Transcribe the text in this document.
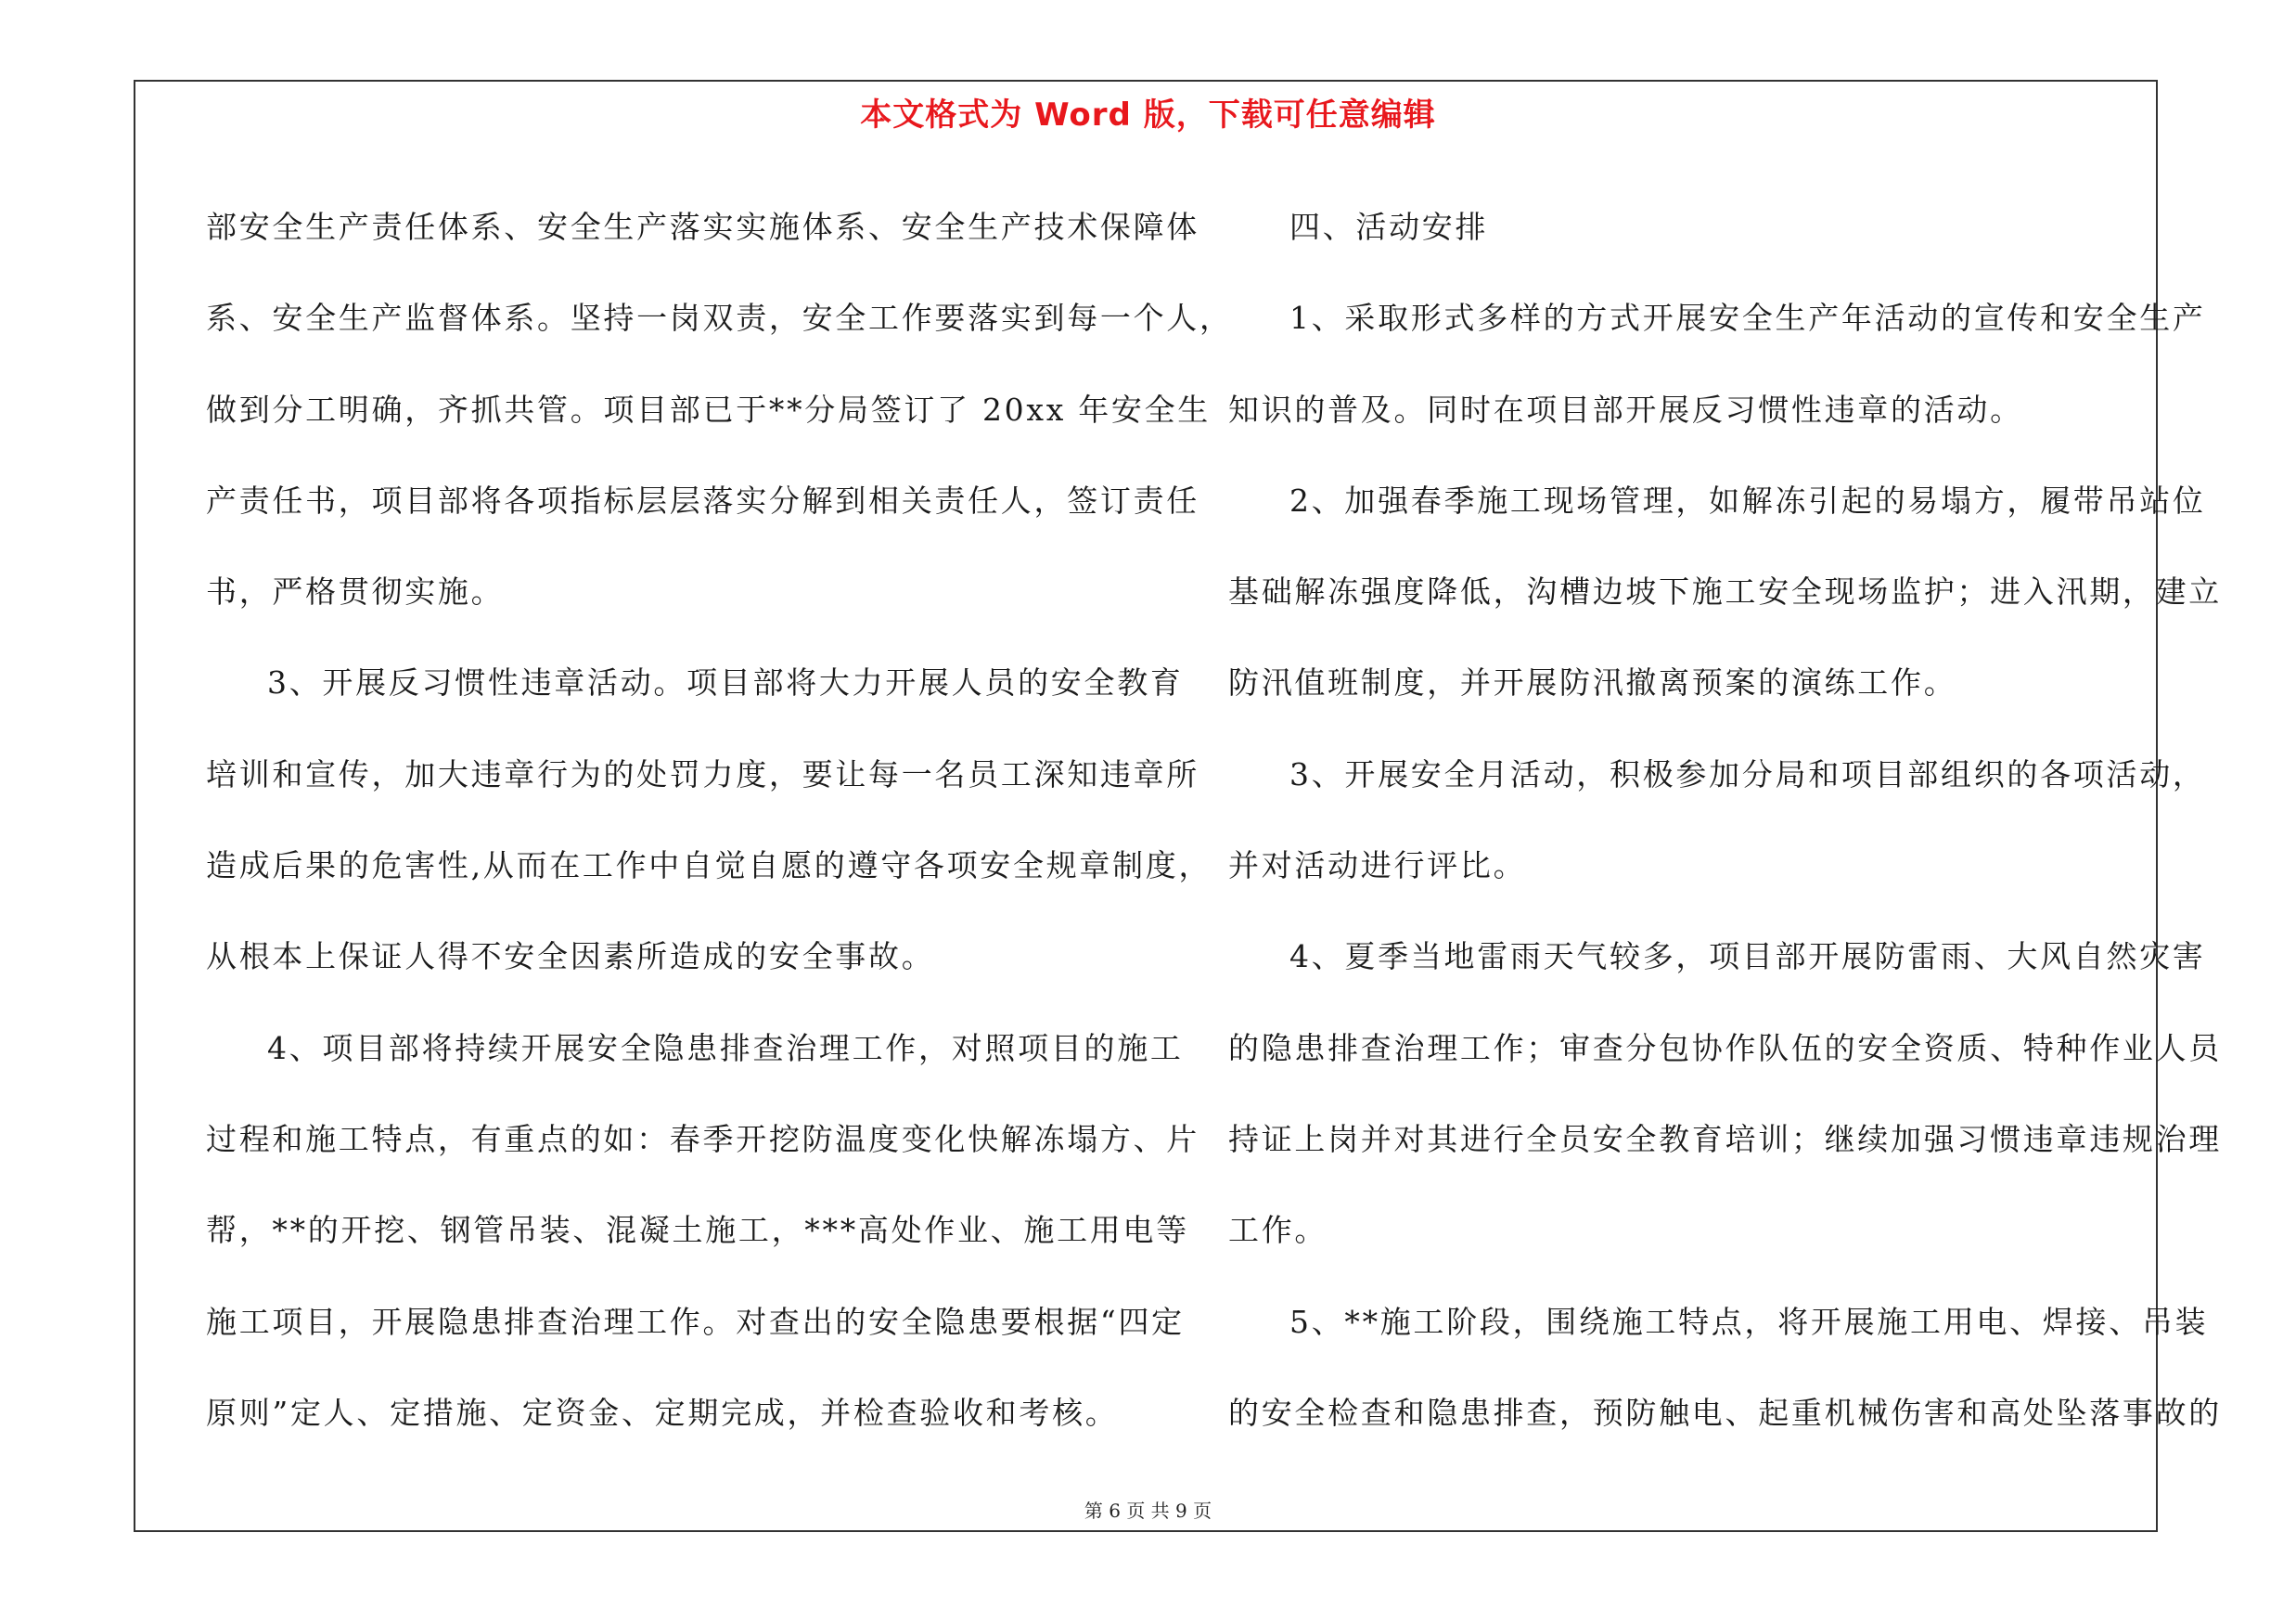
本文格式为 Word 版，下载可任意编辑
部安全生产责任体系、安全生产落实实施体系、安全生产技术保障体
系、安全生产监督体系。坚持一岗双责，安全工作要落实到每一个人，
做到分工明确，齐抓共管。项目部已于**分局签订了 20xx 年安全生
产责任书，项目部将各项指标层层落实分解到相关责任人，签订责任
书，严格贯彻实施。
3、开展反习惯性违章活动。项目部将大力开展人员的安全教育
培训和宣传，加大违章行为的处罚力度，要让每一名员工深知违章所
造成后果的危害性,从而在工作中自觉自愿的遵守各项安全规章制度，
从根本上保证人得不安全因素所造成的安全事故。
4、项目部将持续开展安全隐患排查治理工作，对照项目的施工
过程和施工特点，有重点的如：春季开挖防温度变化快解冻塌方、片
帮，**的开挖、钢管吊装、混凝土施工，***高处作业、施工用电等
施工项目，开展隐患排查治理工作。对查出的安全隐患要根据“四定
原则”定人、定措施、定资金、定期完成，并检查验收和考核。
四、活动安排
1、采取形式多样的方式开展安全生产年活动的宣传和安全生产
知识的普及。同时在项目部开展反习惯性违章的活动。
2、加强春季施工现场管理，如解冻引起的易塌方，履带吊站位
基础解冻强度降低，沟槽边坡下施工安全现场监护；进入汛期，建立
防汛值班制度，并开展防汛撤离预案的演练工作。
3、开展安全月活动，积极参加分局和项目部组织的各项活动，
并对活动进行评比。
4、夏季当地雷雨天气较多，项目部开展防雷雨、大风自然灾害
的隐患排查治理工作；审查分包协作队伍的安全资质、特种作业人员
持证上岗并对其进行全员安全教育培训；继续加强习惯违章违规治理
工作。
5、**施工阶段，围绕施工特点，将开展施工用电、焊接、吊装
的安全检查和隐患排查，预防触电、起重机械伤害和高处坠落事故的
第 6 页 共 9 页
